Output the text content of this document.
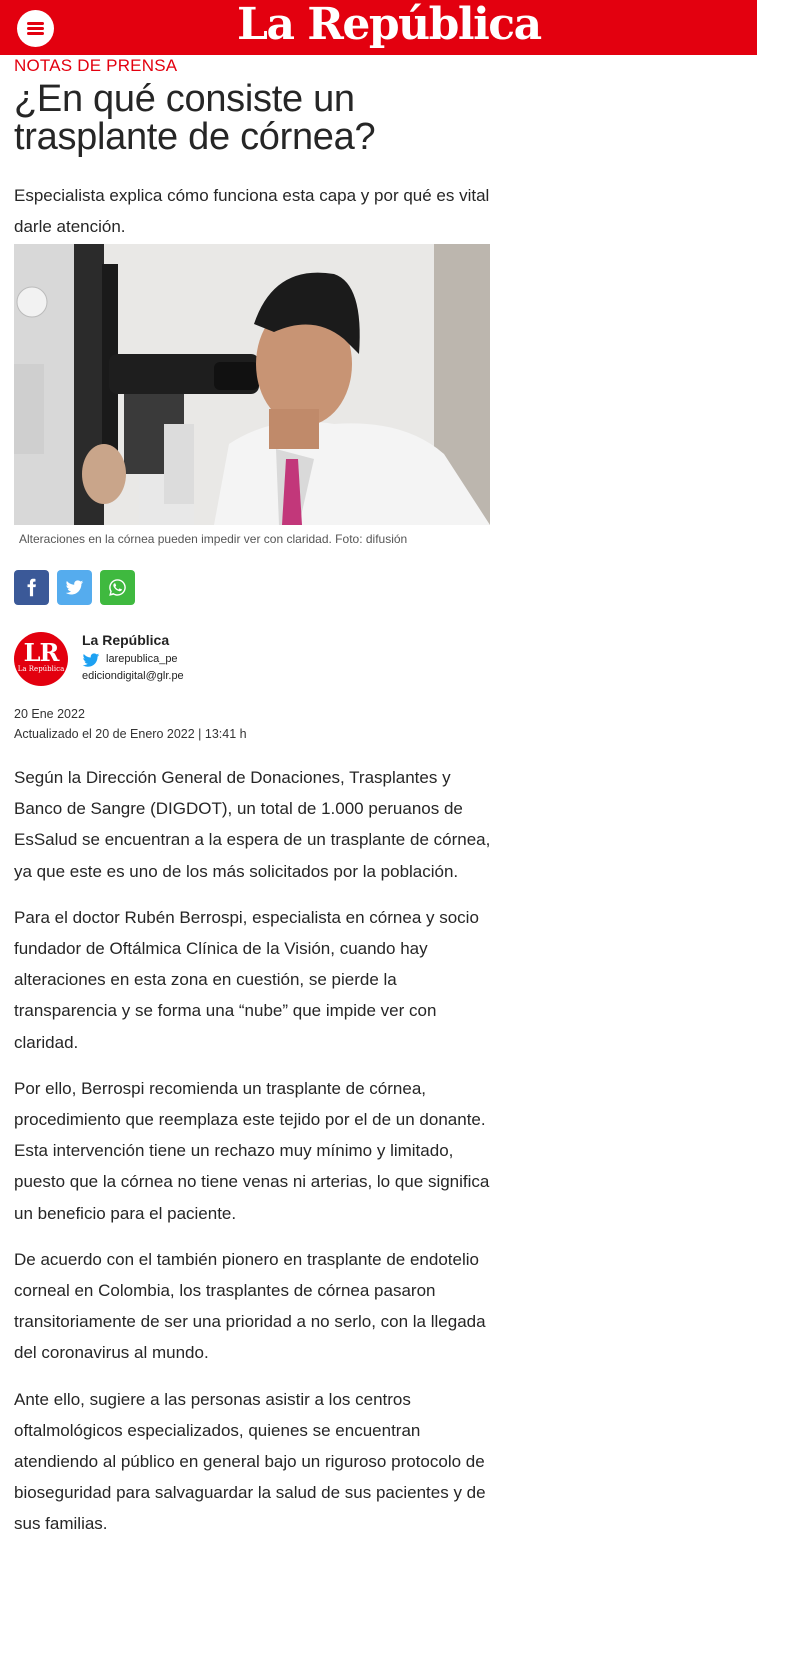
La República
NOTAS DE PRENSA
¿En qué consiste un trasplante de córnea?
Especialista explica cómo funciona esta capa y por qué es vital darle atención.
Alteraciones en la córnea pueden impedir ver con claridad. Foto: difusión
LR
La República
La República
larepublica_pe
ediciondigital@glr.pe
20 Ene 2022
Actualizado el 20 de Enero 2022 | 13:41 h

Según la Dirección General de Donaciones, Trasplantes y Banco de Sangre (DIGDOT), un total de 1.000 peruanos de EsSalud se encuentran a la espera de un trasplante de córnea, ya que este es uno de los más solicitados por la población.

Para el doctor Rubén Berrospi, especialista en córnea y socio fundador de Oftálmica Clínica de la Visión, cuando hay alteraciones en esta zona en cuestión, se pierde la transparencia y se forma una “nube” que impide ver con claridad.

Por ello, Berrospi recomienda un trasplante de córnea, procedimiento que reemplaza este tejido por el de un donante. Esta intervención tiene un rechazo muy mínimo y limitado, puesto que la córnea no tiene venas ni arterias, lo que significa un beneficio para el paciente.

De acuerdo con el también pionero en trasplante de endotelio corneal en Colombia, los trasplantes de córnea pasaron transitoriamente de ser una prioridad a no serlo, con la llegada del coronavirus al mundo.

Ante ello, sugiere a las personas asistir a los centros oftalmológicos especializados, quienes se encuentran atendiendo al público en general bajo un riguroso protocolo de bioseguridad para salvaguardar la salud de sus pacientes y de sus familias.
